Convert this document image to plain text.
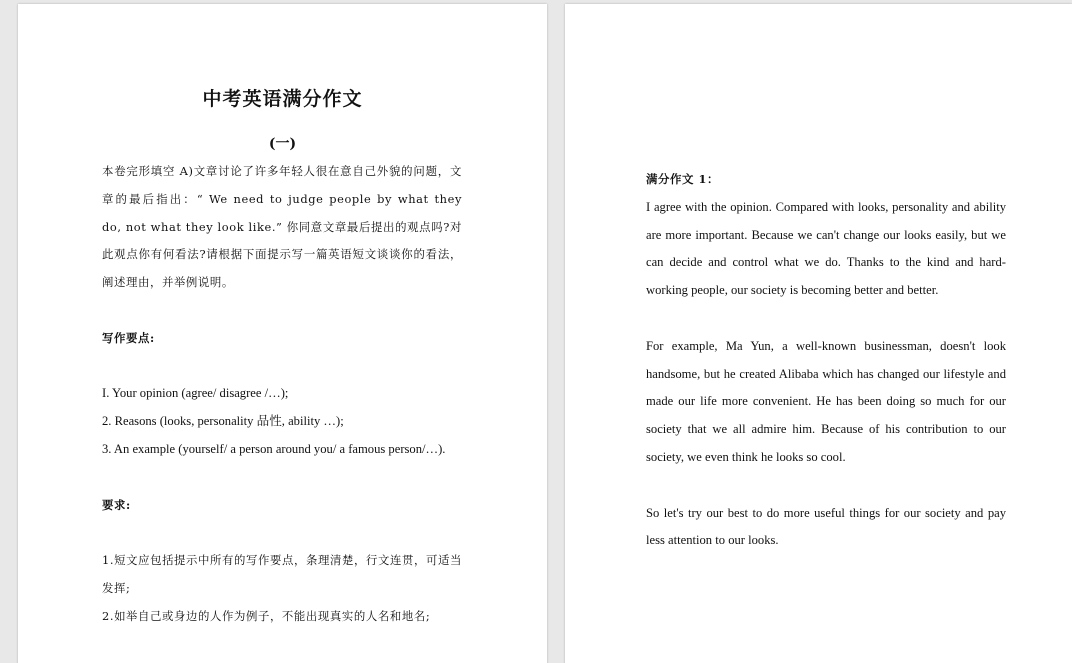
中考英语满分作文
(一)

本卷完形填空 A)文章讨论了许多年轻人很在意自己外貌的问题，文章的最后指出：“ We need to judge people by what they do, not what they look like.” 你同意文章最后提出的观点吗?对此观点你有何看法?请根据下面提示写一篇英语短文谈谈你的看法，阐述理由，并举例说明。

写作要点:

I. Your opinion (agree/ disagree /…);

2. Reasons (looks, personality 品性, ability …);

3. An example (yourself/ a person around you/ a famous person/…).

要求:

1.短文应包括提示中所有的写作要点，条理清楚，行文连贯，可适当发挥;

2.如举自己或身边的人作为例子，不能出现真实的人名和地名;

满分作文 1：

I agree with the opinion. Compared with looks, personality and ability are more important. Because we can't change our looks easily, but we can decide and control what we do. Thanks to the kind and hard-working people, our society is becoming better and better.

For example, Ma Yun, a well-known businessman, doesn't look handsome, but he created Alibaba which has changed our lifestyle and made our life more convenient. He has been doing so much for our society that we all admire him. Because of his contribution to our society, we even think he looks so cool.

So let's try our best to do more useful things for our society and pay less attention to our looks.
